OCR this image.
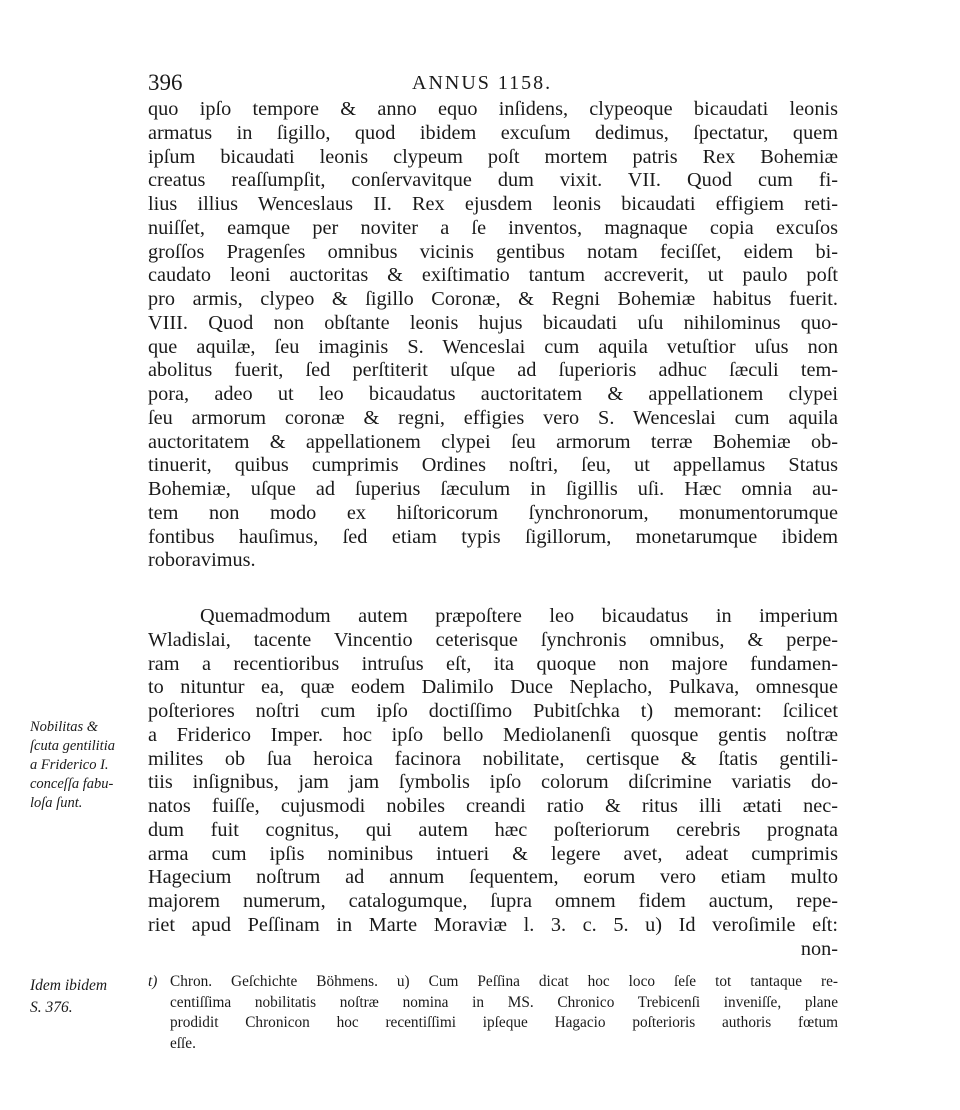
396	ANNUS 1158.
quo ipſo tempore & anno equo inſidens, clypeoque bicaudati leonis
armatus in ſigillo, quod ibidem excuſum dedimus, ſpectatur, quem
ipſum bicaudati leonis clypeum poſt mortem patris Rex Bohemiæ
creatus reaſſumpſit, conſervavitque dum vixit. VII. Quod cum fi-
lius illius Wenceslaus II. Rex ejusdem leonis bicaudati effigiem reti-
nuiſſet, eamque per noviter a ſe inventos, magnaque copia excuſos
groſſos Pragenſes omnibus vicinis gentibus notam feciſſet, eidem bi-
caudato leoni auctoritas & exiſtimatio tantum accreverit, ut paulo poſt
pro armis, clypeo & ſigillo Coronæ, & Regni Bohemiæ habitus fuerit.
VIII. Quod non obſtante leonis hujus bicaudati uſu nihilominus quo-
que aquilæ, ſeu imaginis S. Wenceslai cum aquila vetuſtior uſus non
abolitus fuerit, ſed perſtiterit uſque ad ſuperioris adhuc ſæculi tem-
pora, adeo ut leo bicaudatus auctoritatem & appellationem clypei
ſeu armorum coronæ & regni, effigies vero S. Wenceslai cum aquila
auctoritatem & appellationem clypei ſeu armorum terræ Bohemiæ ob-
tinuerit, quibus cumprimis Ordines noſtri, ſeu, ut appellamus Status
Bohemiæ, uſque ad ſuperius ſæculum in ſigillis uſi. Hæc omnia au-
tem non modo ex hiſtoricorum ſynchronorum, monumentorumque
fontibus hauſimus, ſed etiam typis ſigillorum, monetarumque ibidem
roboravimus.
Quemadmodum autem præpoſtere leo bicaudatus in imperium
Wladislai, tacente Vincentio ceterisque ſynchronis omnibus, & perpe-
ram a recentioribus intruſus eſt, ita quoque non majore fundamen-
to nituntur ea, quæ eodem Dalimilo Duce Neplacho, Pulkava, omnesque
poſteriores noſtri cum ipſo doctiſſimo Pubitſchka t) memorant: ſcilicet
a Friderico Imper. hoc ipſo bello Mediolanenſi quosque gentis noſtræ
milites ob ſua heroica facinora nobilitate, certisque & ſtatis gentili-
tiis inſignibus, jam jam ſymbolis ipſo colorum diſcrimine variatis do-
natos fuiſſe, cujusmodi nobiles creandi ratio & ritus illi ætati nec-
dum fuit cognitus, qui autem hæc poſteriorum cerebris prognata
arma cum ipſis nominibus intueri & legere avet, adeat cumprimis
Hagecium noſtrum ad annum ſequentem, eorum vero etiam multo
majorem numerum, catalogumque, ſupra omnem fidem auctum, repe-
riet apud Peſſinam in Marte Moraviæ l. 3. c. 5. u) Id veroſimile eſt:
non-
Nobilitas &
ſcuta gentilitia
a Friderico I.
conceſſa fabu-
loſa ſunt.
Idem ibidem
S. 376.
t) Chron. Geſchichte Böhmens. u) Cum Peſſina dicat hoc loco ſeſe tot tantaque re-
centiſſima nobilitatis noſtræ nomina in MS. Chronico Trebicenſi inveniſſe, plane
prodidit Chronicon hoc recentiſſimi ipſeque Hagacio poſterioris authoris fœtum
eſſe.
